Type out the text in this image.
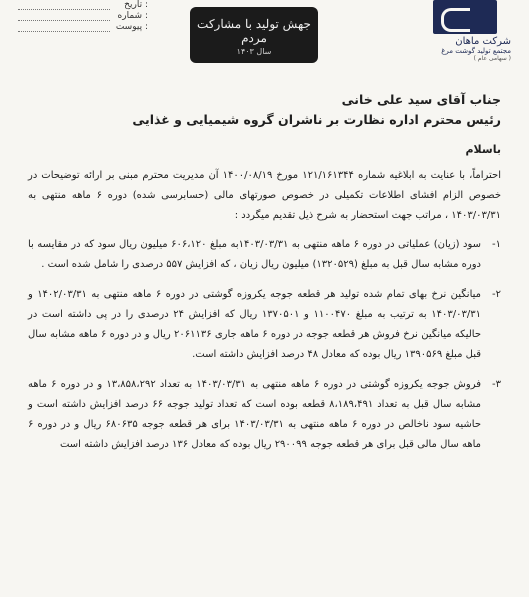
تاریخ :
شماره :
پیوست :	جهش تولید با مشارکت مردم
سال ۱۴۰۳
شرکت ماهان
مجتمع تولید گوشت مرغ
( سهامی عام )
جناب آقای سید علی خانی
رئیس محترم اداره نظارت بر ناشران گروه شیمیایی و غذایی
باسلام

احتراماً، با عنایت به ابلاغیه شماره ۱۲۱/۱۶۱۳۴۴ مورخ ۱۴۰۰/۰۸/۱۹ آن مدیریت محترم مبنی بر ارائه توضیحات در خصوص الزام افشای اطلاعات تکمیلی در خصوص صورتهای مالی (حسابرسی شده) دوره ۶ ماهه منتهی به ۱۴۰۳/۰۳/۳۱ ، مراتب جهت استحضار به شرح ذیل تقدیم میگردد :

۱-
سود (زیان) عملیاتی در دوره ۶ ماهه منتهی به ۱۴۰۳/۰۳/۳۱به مبلغ ۶۰۶،۱۲۰ میلیون ریال سود که در مقایسه با دوره مشابه سال قبل به مبلغ (۱۳۲۰۵۲۹) میلیون ریال زیان ، که افزایش ۵۵۷ درصدی را شامل شده است .
۲-
میانگین نرخ بهای تمام شده تولید هر قطعه جوجه یکروزه گوشتی در دوره ۶ ماهه منتهی به ۱۴۰۲/۰۳/۳۱ و ۱۴۰۳/۰۳/۳۱ به ترتیب به مبلغ ۱۱۰۰۴۷۰ و ۱۳۷۰۵۰۱ ریال که افزایش ۲۴ درصدی را در پی داشته است در حالیکه میانگین نرخ فروش هر قطعه جوجه در دوره ۶ ماهه جاری ۲۰۶۱۱۳۶ ریال و در دوره ۶ ماهه مشابه سال قبل مبلغ ۱۳۹۰۵۶۹ ریال بوده که معادل ۴۸ درصد افزایش داشته است.
۳-
فروش جوجه یکروزه گوشتی در دوره ۶ ماهه منتهی به ۱۴۰۳/۰۳/۳۱ به تعداد ۱۳،۸۵۸،۲۹۲ و در دوره ۶ ماهه مشابه سال قبل به تعداد ۸،۱۸۹،۴۹۱ قطعه بوده است که تعداد تولید جوجه ۶۶ درصد افزایش داشته است و حاشیه سود ناخالص در دوره ۶ ماهه منتهی به ۱۴۰۳/۰۳/۳۱ برای هر قطعه جوجه ۶۸۰۶۳۵ ریال و در دوره ۶ ماهه سال مالی قبل برای هر قطعه جوجه ۲۹۰۰۹۹ ریال بوده که معادل ۱۳۶ درصد افزایش داشته است
